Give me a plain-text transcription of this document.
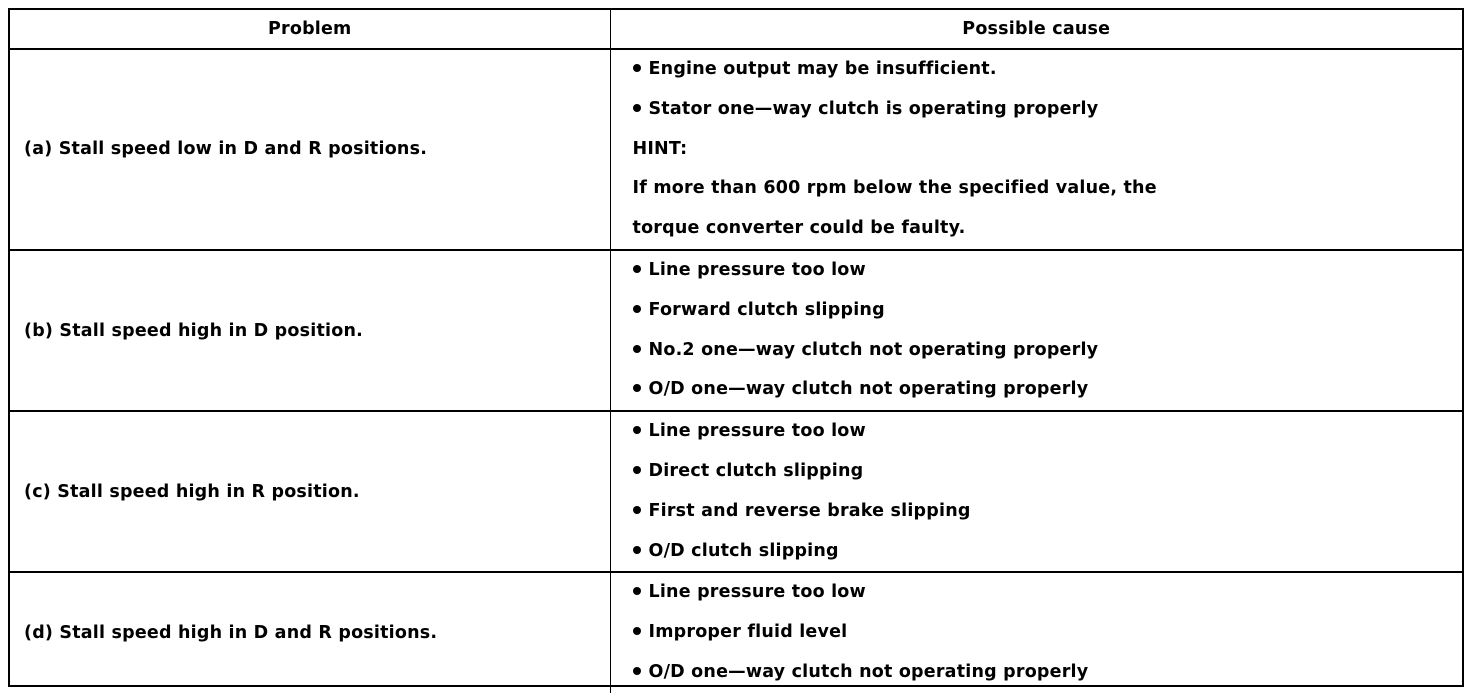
Problem	Possible cause
(a) Stall speed low in D and R positions.	Engine output may be insufficient.
Stator one—way clutch is operating properly
HINT:
If more than 600 rpm below the specified value, the
torque converter could be faulty.

(b) Stall speed high in D position.	Line pressure too low
Forward clutch slipping
No.2 one—way clutch not operating properly
O/D one—way clutch not operating properly

(c) Stall speed high in R position.	Line pressure too low
Direct clutch slipping
First and reverse brake slipping
O/D clutch slipping

(d) Stall speed high in D and R positions.	Line pressure too low
Improper fluid level
O/D one—way clutch not operating properly
